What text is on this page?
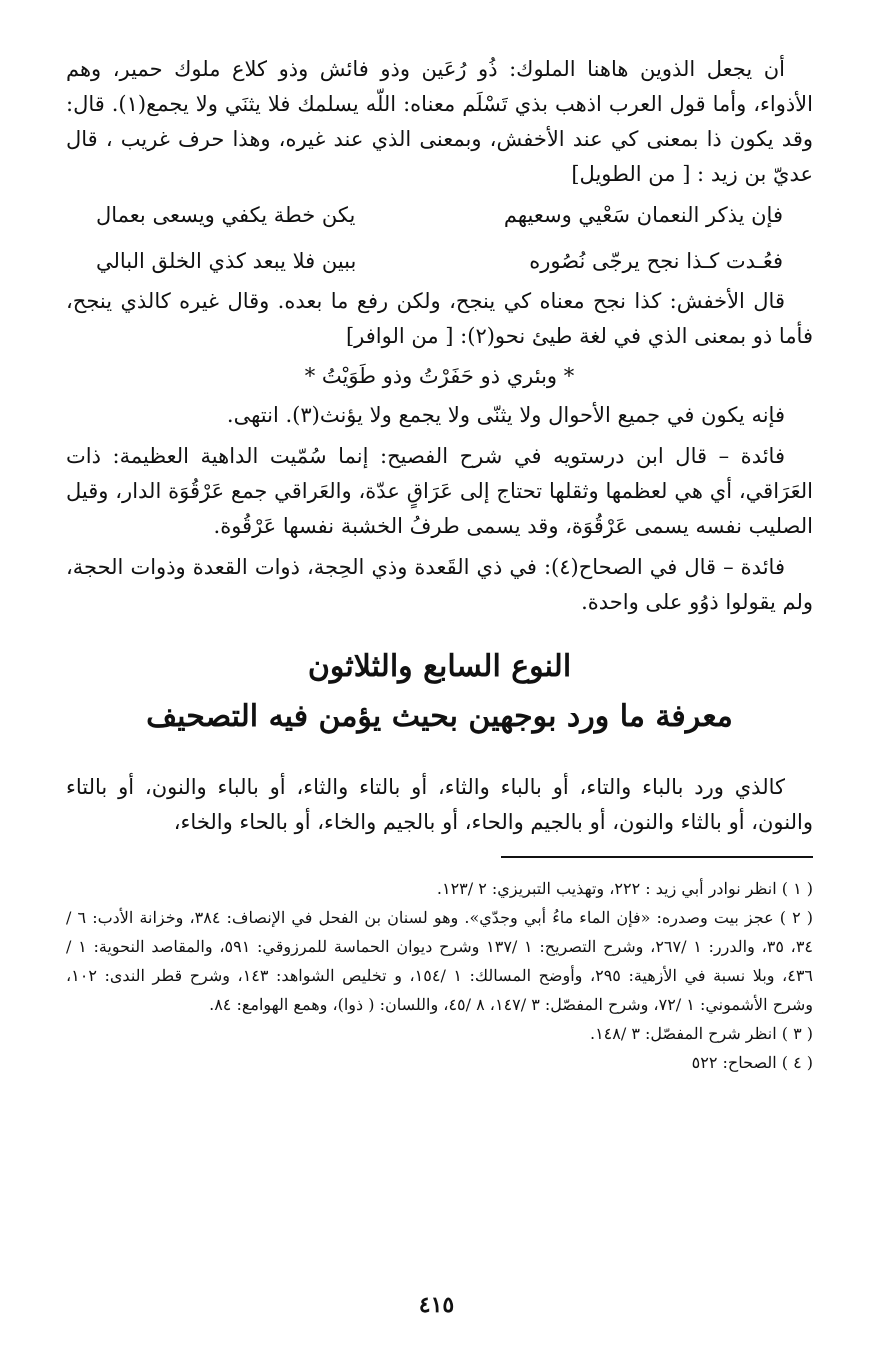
أن يجعل الذوين هاهنا الملوك: ذُو رُعَين وذو فائش وذو كلاع ملوك حمير، وهم الأذواء، وأما قول العرب اذهب بذي تَسْلَم معناه: اللّه يسلمك فلا يثنَي ولا يجمع(١). قال: وقد يكون ذا بمعنى كي عند الأخفش، وبمعنى الذي عند غيره، وهذا حرف غريب ، قال عديّ بن زيد : [ من الطويل]

فإن يذكر النعمان سَعْيي وسعيهم
يكن خطة يكفي ويسعى بعمال
فعُـدت كـذا نجح يرجّى نُصُوره
ببين فلا يبعد كذي الخلق البالي

قال الأخفش: كذا نجح معناه كي ينجح، ولكن رفع ما بعده. وقال غيره كالذي ينجح، فأما ذو بمعنى الذي في لغة طيئ نحو(٢): [ من الوافر]

* وبئري ذو حَفَرْتُ وذو طَوَيْتُ *

فإنه يكون في جميع الأحوال ولا يثنّى ولا يجمع ولا يؤنث(٣). انتهى.

فائدة – قال ابن درستويه في شرح الفصيح: إنما سُمّيت الداهية العظيمة: ذات العَرَاقي، أي هي لعظمها وثقلها تحتاج إلى عَرَاقٍ عدّة، والعَراقي جمع عَرْقُوَة الدار، وقيل الصليب نفسه يسمى عَرْقُوَة، وقد يسمى طرفُ الخشبة نفسها عَرْقُوة.

فائدة – قال في الصحاح(٤): في ذي القَعدة وذي الحِجة، ذوات القعدة وذوات الحجة، ولم يقولوا ذوُو على واحدة.

النوع السابع والثلاثون
معرفة ما ورد بوجهين بحيث يؤمن فيه التصحيف

كالذي ورد بالباء والتاء، أو بالباء والثاء، أو بالتاء والثاء، أو بالباء والنون، أو بالتاء والنون، أو بالثاء والنون، أو بالجيم والحاء، أو بالجيم والخاء، أو بالحاء والخاء،

( ١ ) انظر نوادر أبي زيد : ٢٢٢، وتهذيب التبريزي: ٢ /١٢٣.
( ٢ ) عجز بيت وصدره: «فإن الماء ماءُ أبي وجدّي». وهو لسنان بن الفحل في الإنصاف: ٣٨٤، وخزانة الأدب: ٦ /٣٤، ٣٥، والدرر: ١ /٢٦٧، وشرح التصريح: ١ /١٣٧ وشرح ديوان الحماسة للمرزوقي: ٥٩١، والمقاصد النحوية: ١ /٤٣٦، وبلا نسبة في الأزهية: ٢٩٥، وأوضح المسالك: ١ /١٥٤، و تخليص الشواهد: ١٤٣، وشرح قطر الندى: ١٠٢، وشرح الأشموني: ١ /٧٢، وشرح المفصّل: ٣ /١٤٧، ٨ /٤٥، واللسان: ( ذوا)، وهمع الهوامع: ٨٤.
( ٣ ) انظر شرح المفصّل: ٣ /١٤٨.
( ٤ ) الصحاح: ٥٢٢
٤١٥
